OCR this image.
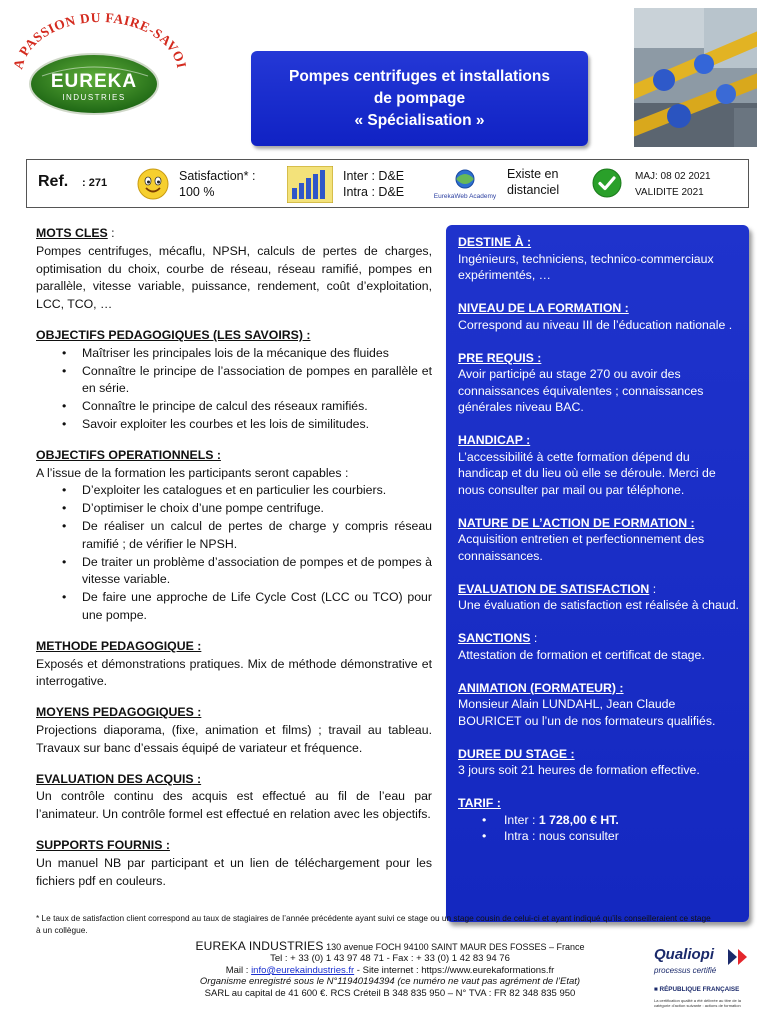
A PASSION DU FAIRE-SAVO
EUREKA
INDUSTRIES
Pompes centrifuges et installations
de pompage
« Spécialisation »
Ref. : 271	Satisfaction* :
100 %
Inter : D&E
Intra : D&E	EurekaWeb Academy
Existe en
distanciel
MAJ: 08 02 2021
VALIDITE 2021
MOTS CLES :
Pompes centrifuges, mécaflu, NPSH, calculs de pertes de charges, optimisation du choix, courbe de réseau, réseau ramifié, pompes en parallèle, vitesse variable, puissance, rendement, coût d’exploitation, LCC, TCO, …
OBJECTIFS PEDAGOGIQUES (LES SAVOIRS) :
• Maîtriser les principales lois de la mécanique des fluides
• Connaître le principe de l’association de pompes en parallèle et en série.
• Connaître le principe de calcul des réseaux ramifiés.
• Savoir exploiter les courbes et les lois de similitudes.
OBJECTIFS OPERATIONNELS :
A l’issue de la formation les participants seront capables :
• D’exploiter les catalogues et en particulier les courbiers.
• D’optimiser le choix d’une pompe centrifuge.
• De réaliser un calcul de pertes de charge y compris réseau ramifié ; de vérifier le NPSH.
• De traiter un problème d’association de pompes et de pompes à vitesse variable.
• De faire une approche de Life Cycle Cost (LCC ou TCO) pour une pompe.
METHODE PEDAGOGIQUE :
Exposés et démonstrations pratiques. Mix de méthode démonstrative et interrogative.
MOYENS PEDAGOGIQUES :
Projections diaporama, (fixe, animation et films) ; travail au tableau. Travaux sur banc d’essais équipé de variateur et fréquence.
EVALUATION DES ACQUIS :
Un contrôle continu des acquis est effectué au fil de l’eau par l’animateur. Un contrôle formel est effectué en relation avec les objectifs.
SUPPORTS FOURNIS :
Un manuel NB par participant et un lien de téléchargement pour les fichiers pdf en couleurs.
DESTINE À :
Ingénieurs, techniciens, technico-commerciaux expérimentés, …
NIVEAU DE LA FORMATION :
Correspond au niveau III de l’éducation nationale .
PRE REQUIS :
Avoir participé au stage 270 ou avoir des connaissances équivalentes ; connaissances générales niveau BAC.
HANDICAP :
L’accessibilité à cette formation dépend du handicap et du lieu où elle se déroule. Merci de nous consulter par mail ou par téléphone.
NATURE DE L’ACTION DE FORMATION :
Acquisition entretien et perfectionnement des connaissances.
EVALUATION DE SATISFACTION :
Une évaluation de satisfaction est réalisée à chaud.
SANCTIONS :
Attestation de formation et certificat de stage.
ANIMATION (FORMATEUR) :
Monsieur Alain LUNDAHL, Jean Claude BOURICET ou l’un de nos formateurs qualifiés.
DUREE DU STAGE :
3 jours soit 21 heures de formation effective.
TARIF :
• Inter : 1 728,00 € HT.
• Intra : nous consulter
* Le taux de satisfaction client correspond au taux de stagiaires de l’année précédente ayant suivi ce stage ou un stage cousin de celui-ci et ayant indiqué qu’ils conseilleraient ce stage à un collègue.
EUREKA INDUSTRIES 130 avenue FOCH 94100 SAINT MAUR DES FOSSES – France
Tel : + 33 (0) 1 43 97 48 71 - Fax : + 33 (0) 1 42 83 94 76
Mail : info@eurekaindustries.fr - Site internet : https://www.eurekaformations.fr
Organisme enregistré sous le N°11940194394 (ce numéro ne vaut pas agrément de l’Etat)
SARL au capital de 41 600 €. RCS Créteil B 348 835 950 – N° TVA : FR 82 348 835 950
Qualiopi
processus certifié
■ RÉPUBLIQUE FRANÇAISE
La certification qualité a été délivrée au titre de la catégorie d’action suivante : actions de formation
